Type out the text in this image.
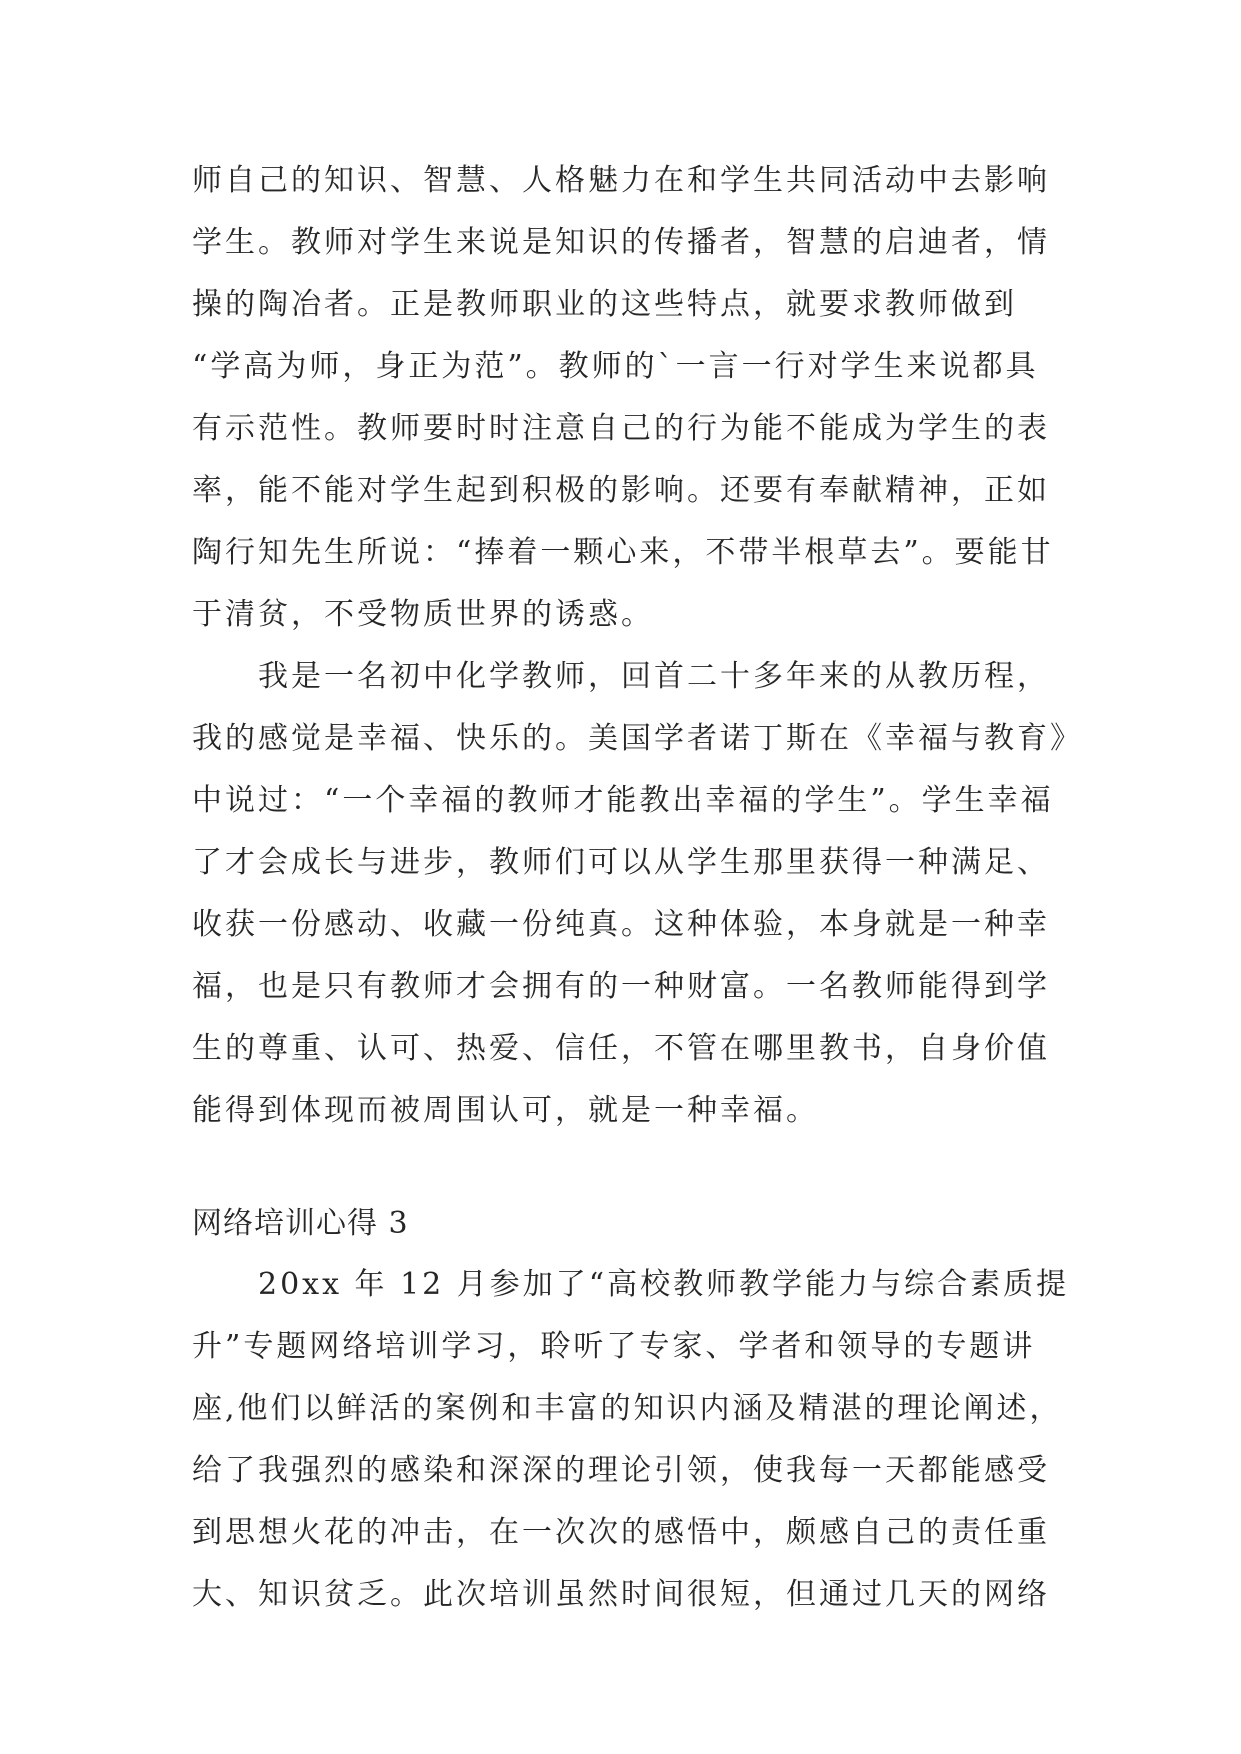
师自己的知识、智慧、人格魅力在和学生共同活动中去影响
学生。教师对学生来说是知识的传播者，智慧的启迪者，情
操的陶冶者。正是教师职业的这些特点，就要求教师做到
“学高为师，身正为范”。教师的`一言一行对学生来说都具
有示范性。教师要时时注意自己的行为能不能成为学生的表
率，能不能对学生起到积极的影响。还要有奉献精神，正如
陶行知先生所说：“捧着一颗心来，不带半根草去”。要能甘
于清贫，不受物质世界的诱惑。
　　我是一名初中化学教师，回首二十多年来的从教历程，
我的感觉是幸福、快乐的。美国学者诺丁斯在《幸福与教育》
中说过：“一个幸福的教师才能教出幸福的学生”。学生幸福
了才会成长与进步，教师们可以从学生那里获得一种满足、
收获一份感动、收藏一份纯真。这种体验，本身就是一种幸
福，也是只有教师才会拥有的一种财富。一名教师能得到学
生的尊重、认可、热爱、信任，不管在哪里教书，自身价值
能得到体现而被周围认可，就是一种幸福。
网络培训心得 3
　　20xx 年 12 月参加了“高校教师教学能力与综合素质提
升”专题网络培训学习，聆听了专家、学者和领导的专题讲
座,他们以鲜活的案例和丰富的知识内涵及精湛的理论阐述，
给了我强烈的感染和深深的理论引领，使我每一天都能感受
到思想火花的冲击，在一次次的感悟中，颇感自己的责任重
大、知识贫乏。此次培训虽然时间很短，但通过几天的网络
